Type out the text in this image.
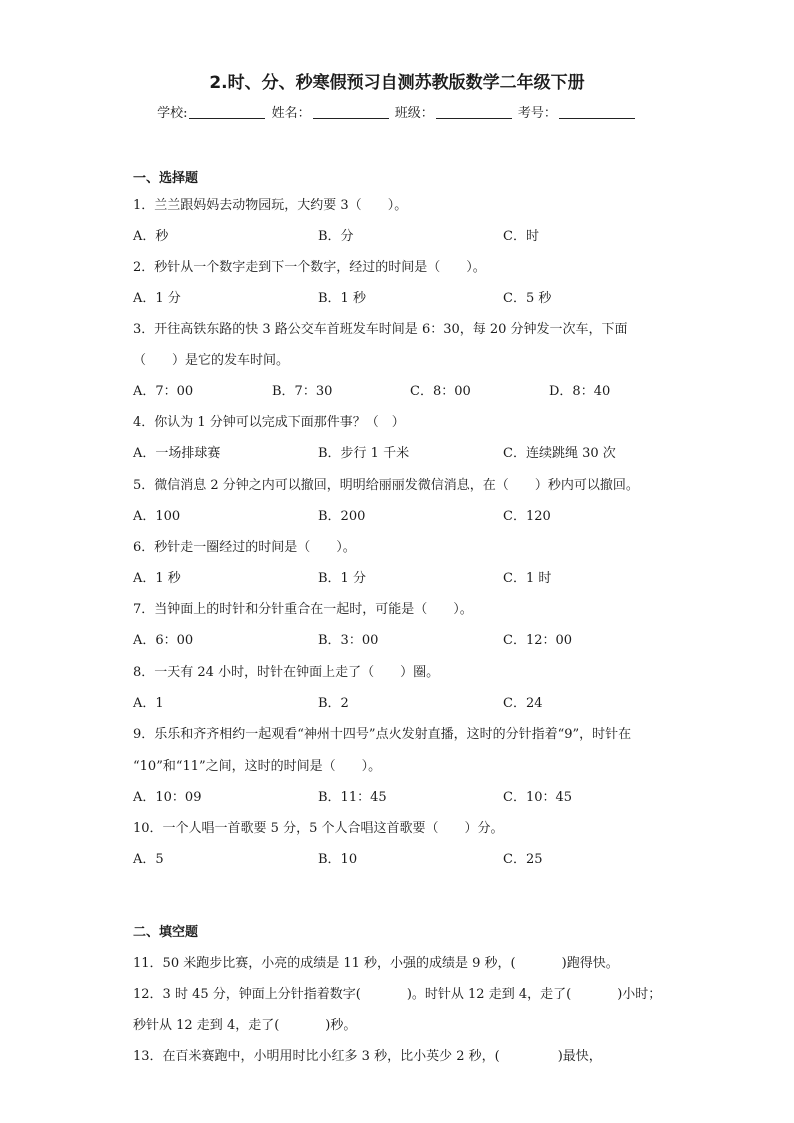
2.时、分、秒寒假预习自测苏教版数学二年级下册
学校:	姓名：	班级：	考号：
一、选择题
1．兰兰跟妈妈去动物园玩，大约要 3（ ）。
A．秒	B．分	C．时
2．秒针从一个数字走到下一个数字，经过的时间是（ ）。
A．1 分	B．1 秒	C．5 秒
3．开往高铁东路的快 3 路公交车首班发车时间是 6：30，每 20 分钟发一次车，下面
（ ）是它的发车时间。
A．7：00	B．7：30	C．8：00	D．8：40
4．你认为 1 分钟可以完成下面那件事？（　）
A．一场排球赛	B．步行 1 千米	C．连续跳绳 30 次
5．微信消息 2 分钟之内可以撤回，明明给丽丽发微信消息，在（ ）秒内可以撤回。
A．100	B．200	C．120
6．秒针走一圈经过的时间是（ ）。
A．1 秒	B．1 分	C．1 时
7．当钟面上的时针和分针重合在一起时，可能是（ ）。
A．6：00	B．3：00	C．12：00
8．一天有 24 小时，时针在钟面上走了（ ）圈。
A．1	B．2	C．24
9．乐乐和齐齐相约一起观看“神州十四号”点火发射直播，这时的分针指着“9”，时针在
“10”和“11”之间，这时的时间是（ ）。
A．10：09	B．11：45	C．10：45
10．一个人唱一首歌要 5 分，5 个人合唱这首歌要（ ）分。
A．5	B．10	C．25
二、填空题
11．50 米跑步比赛，小亮的成绩是 11 秒，小强的成绩是 9 秒，(	)跑得快。
12．3 时 45 分，钟面上分针指着数字(	)。时针从 12 走到 4，走了(	)小时；
秒针从 12 走到 4，走了(	)秒。
13．在百米赛跑中，小明用时比小红多 3 秒，比小英少 2 秒，(	)最快，
